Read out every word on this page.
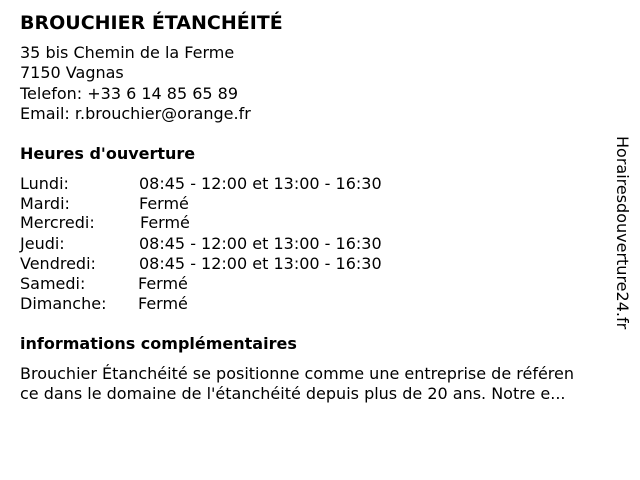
BROUCHIER ÉTANCHÉITÉ
35 bis Chemin de la Ferme
7150 Vagnas
Telefon: +33 6 14 85 65 89
Email: r.brouchier@orange.fr
Heures d'ouverture
Lundi:	08:45 - 12:00 et 13:00 - 16:30
Mardi:	Fermé
Mercredi:	Fermé
Jeudi:	08:45 - 12:00 et 13:00 - 16:30
Vendredi:	08:45 - 12:00 et 13:00 - 16:30
Samedi:	Fermé
Dimanche: Fermé
informations complémentaires
Brouchier Étanchéité se positionne comme une entreprise de référen
ce dans le domaine de l'étanchéité depuis plus de 20 ans. Notre e...
Horairesdouverture24.fr
